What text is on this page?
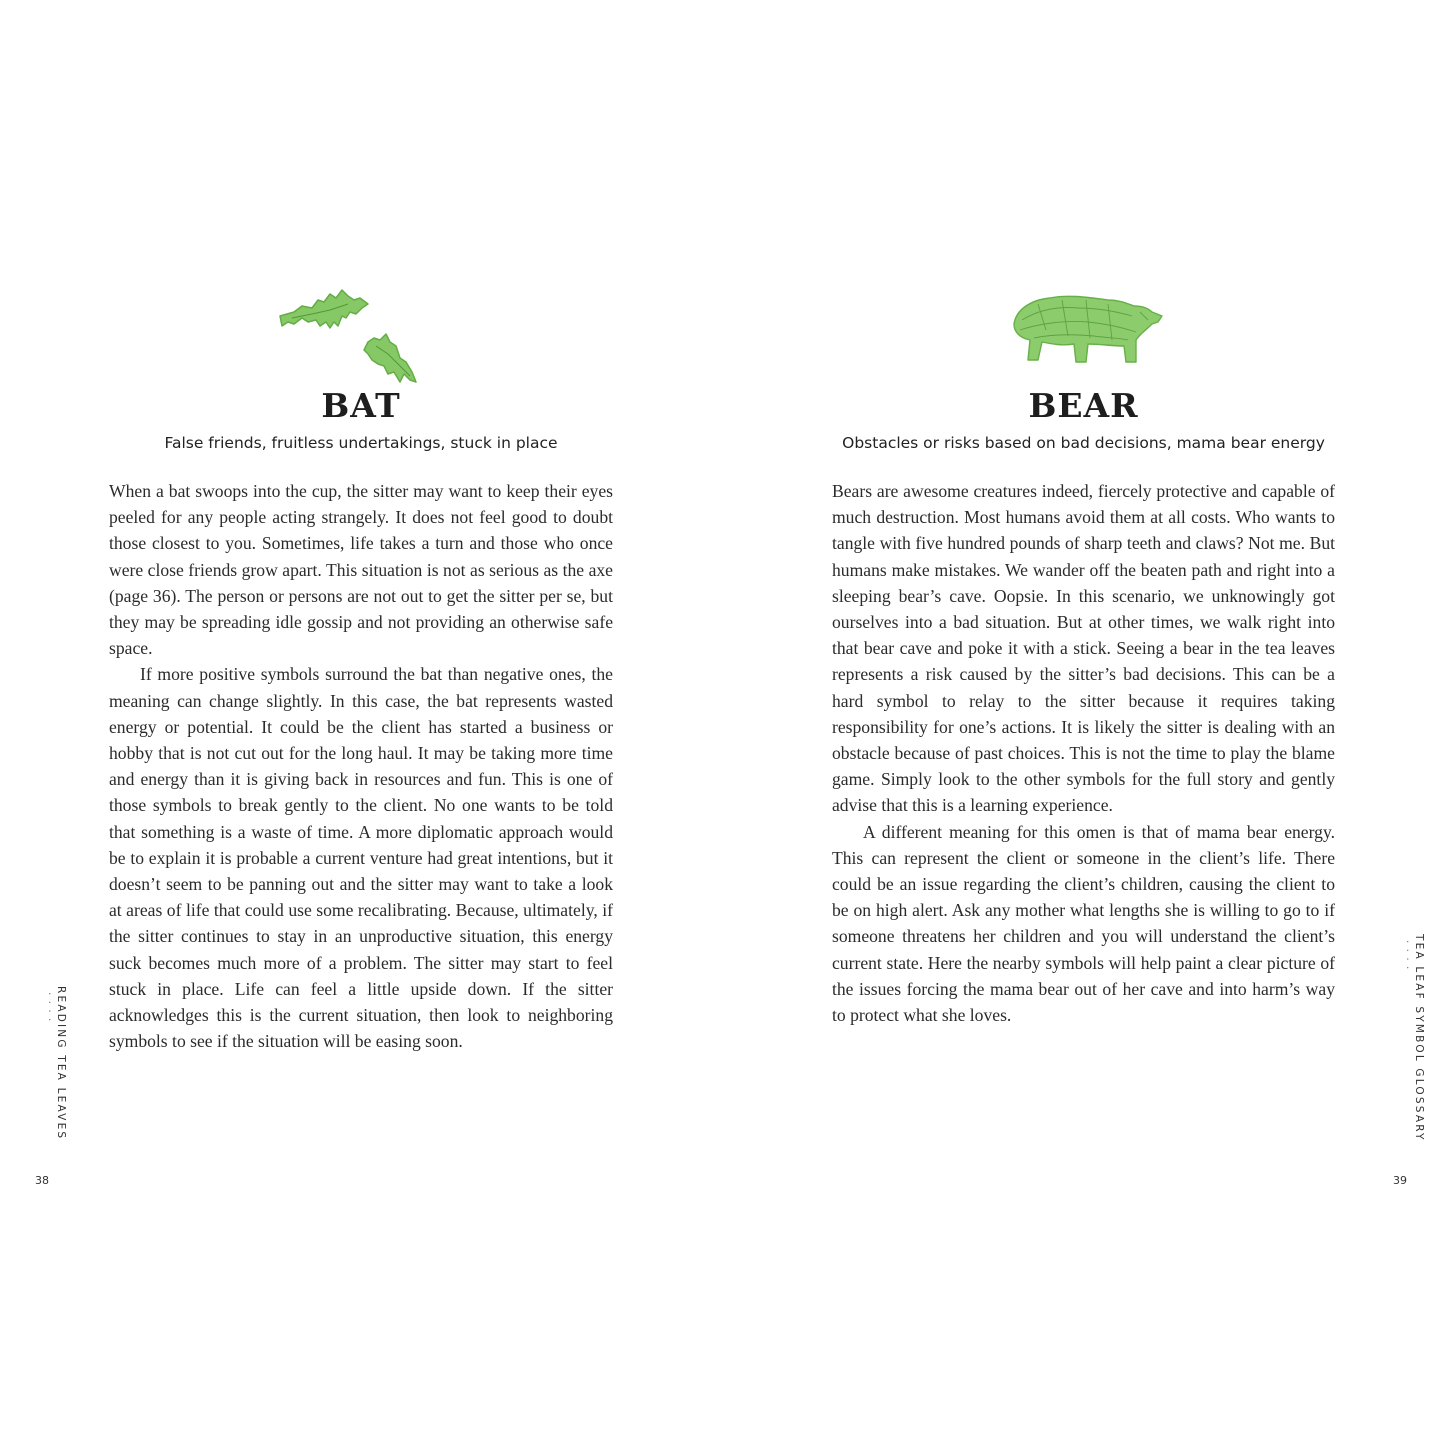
BAT
False friends, fruitless undertakings, stuck in place

When a bat swoops into the cup, the sitter may want to keep their eyes peeled for any people acting strangely. It does not feel good to doubt those closest to you. Sometimes, life takes a turn and those who once were close friends grow apart. This situation is not as serious as the axe (page 36). The person or persons are not out to get the sitter per se, but they may be spreading idle gossip and not providing an otherwise safe space.

If more positive symbols surround the bat than negative ones, the meaning can change slightly. In this case, the bat represents wasted energy or potential. It could be the client has started a business or hobby that is not cut out for the long haul. It may be taking more time and energy than it is giving back in resources and fun. This is one of those symbols to break gently to the client. No one wants to be told that something is a waste of time. A more diplomatic approach would be to explain it is probable a current venture had great intentions, but it doesn’t seem to be panning out and the sitter may want to take a look at areas of life that could use some recalibrating. Because, ultimately, if the sitter continues to stay in an unproductive situation, this energy suck becomes much more of a problem. The sitter may start to feel stuck in place. Life can feel a little upside down. If the sitter acknowledges this is the current situation, then look to neighboring symbols to see if the situation will be easing soon.

READING TEA LEAVES
· · · ·
38
BEAR
Obstacles or risks based on bad decisions, mama bear energy

Bears are awesome creatures indeed, fiercely protective and capable of much destruction. Most humans avoid them at all costs. Who wants to tangle with five hundred pounds of sharp teeth and claws? Not me. But humans make mistakes. We wander off the beaten path and right into a sleeping bear’s cave. Oopsie. In this scenario, we unknowingly got ourselves into a bad situation. But at other times, we walk right into that bear cave and poke it with a stick. Seeing a bear in the tea leaves represents a risk caused by the sitter’s bad decisions. This can be a hard symbol to relay to the sitter because it requires taking responsibility for one’s actions. It is likely the sitter is dealing with an obstacle because of past choices. This is not the time to play the blame game. Simply look to the other symbols for the full story and gently advise that this is a learning experience.

A different meaning for this omen is that of mama bear energy. This can represent the client or someone in the client’s life. There could be an issue regarding the client’s children, causing the client to be on high alert. Ask any mother what lengths she is willing to go to if someone threatens her children and you will understand the client’s current state. Here the nearby symbols will help paint a clear picture of the issues forcing the mama bear out of her cave and into harm’s way to protect what she loves.	TEA LEAF SYMBOL GLOSSARY
· · · ·
39
